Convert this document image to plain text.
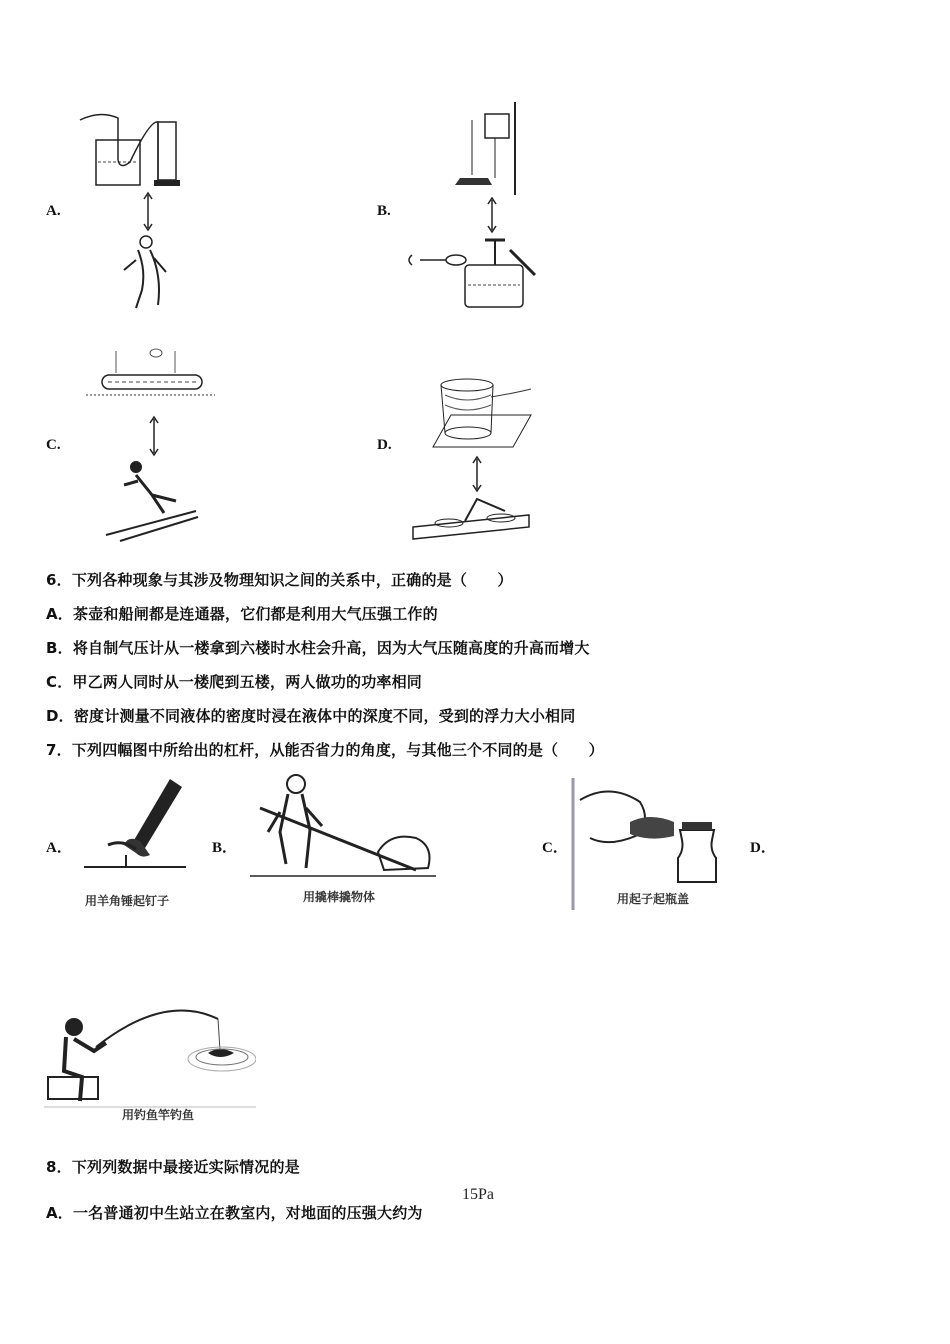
A.	B.
C.	D.
6．下列各种现象与其涉及物理知识之间的关系中，正确的是（　　）
A．茶壶和船闸都是连通器，它们都是利用大气压强工作的
B．将自制气压计从一楼拿到六楼时水柱会升高，因为大气压随高度的升高而增大
C．甲乙两人同时从一楼爬到五楼，两人做功的功率相同
D．密度计测量不同液体的密度时浸在液体中的深度不同，受到的浮力大小相同
7．下列四幅图中所给出的杠杆，从能否省力的角度，与其他三个不同的是（　　）
A．
用羊角锤起钉子
B．
用撬棒撬物体
C．
用起子起瓶盖
D．
用钓鱼竿钓鱼
8．下列列数据中最接近实际情况的是
A．一名普通初中生站立在教室内，对地面的压强大约为
15Pa
